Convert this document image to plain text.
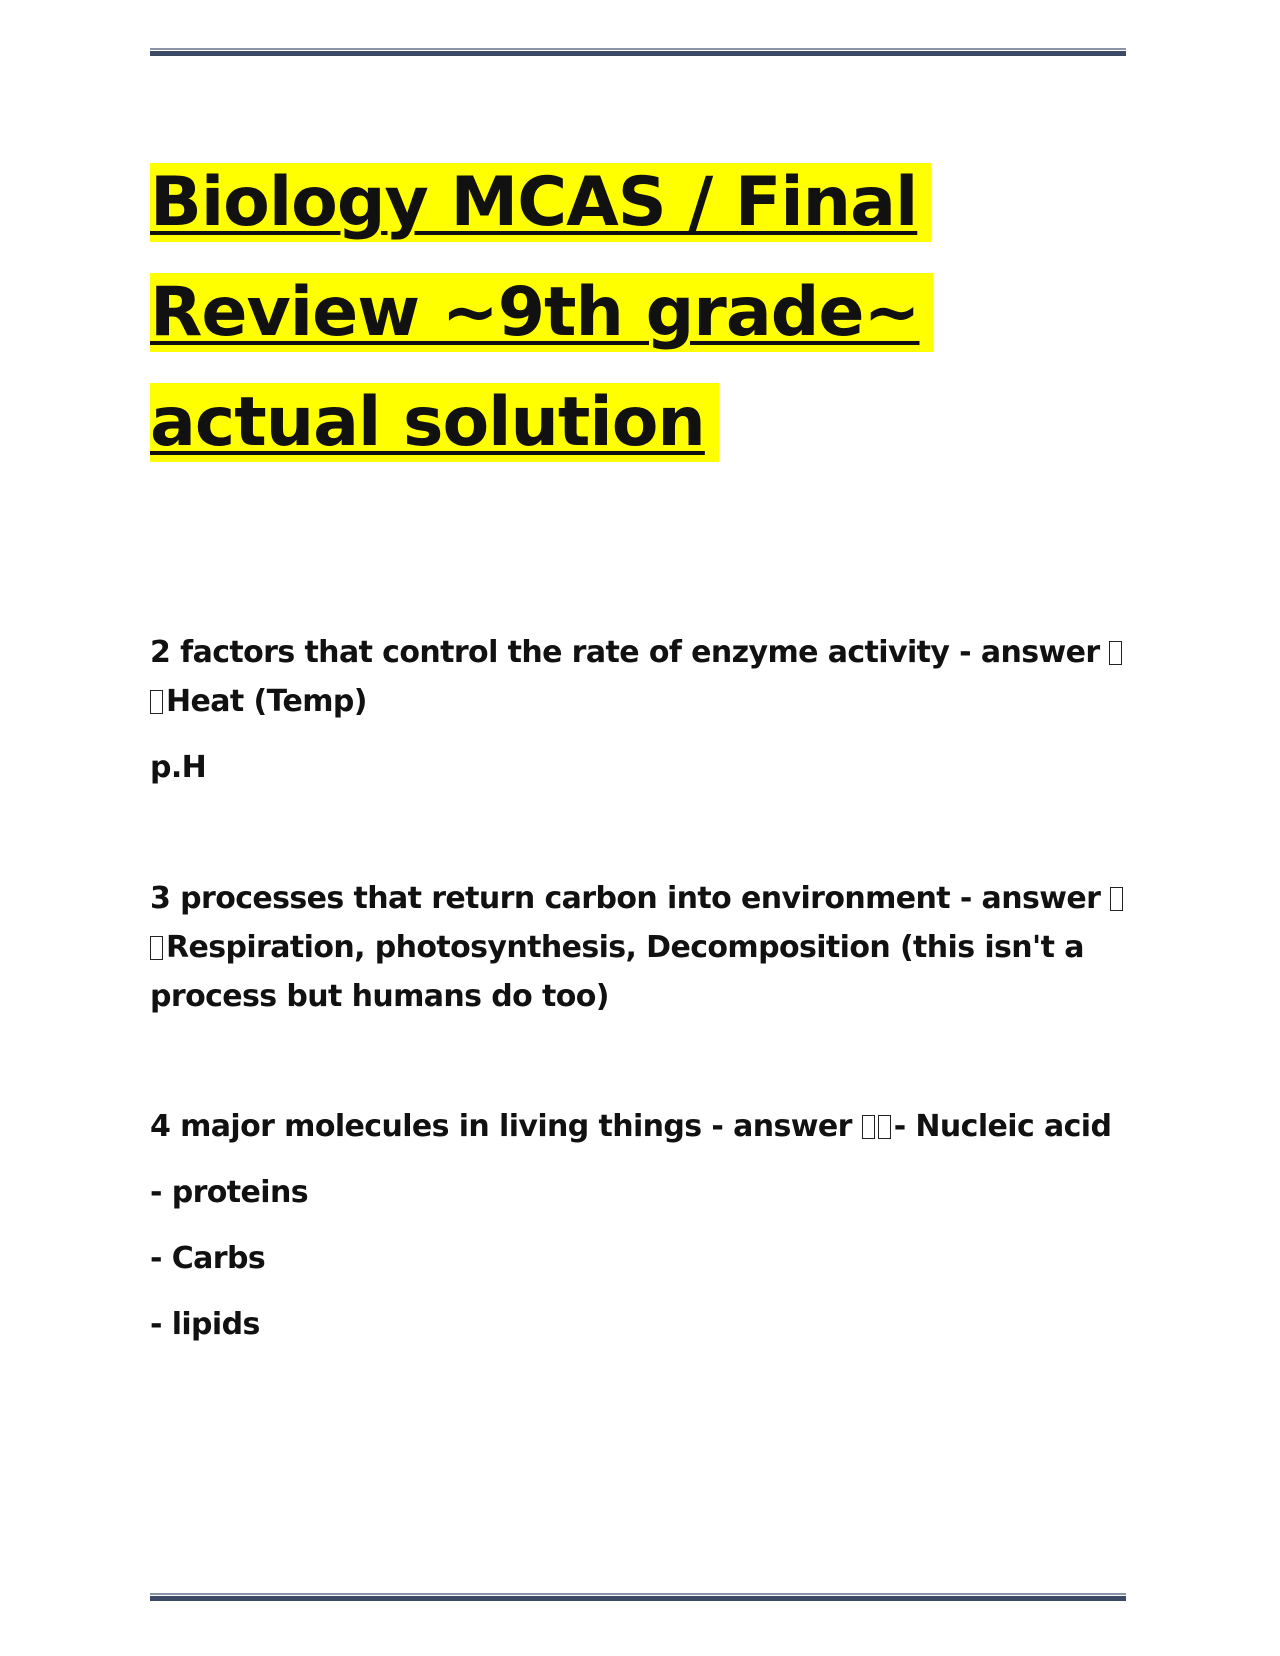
Biology MCAS / Final
Review ~9th grade~
actual solution

2 factors that control the rate of enzyme activity - answer Heat (Temp)

p.H

3 processes that return carbon into environment - answer Respiration, photosynthesis, Decomposition (this isn't a process but humans do too)

4 major molecules in living things - answer - Nucleic acid

- proteins

- Carbs

- lipids
